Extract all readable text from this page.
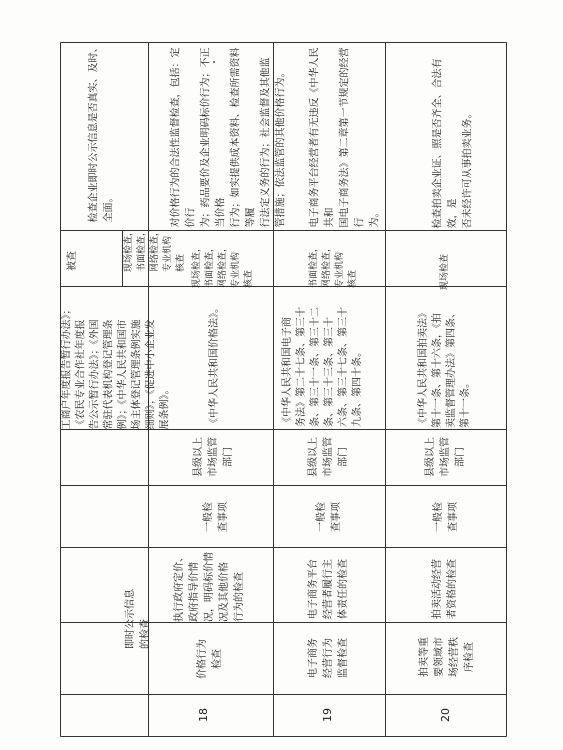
即时公示信息
的检查
工商户年度报告暂行办法》；
《农民专业合作社年度报
告公示暂行办法》；《外国
常驻代表机构登记管理条
例》；《中华人民共和国市
场主体登记管理条例实施
细则》；《促进中小企业发
展条例》。
被查	现场检查，
书面检查，
网络检查，
专业机构
核查
检查企业即时公示信息是否真实、及时、全面。
18
价格行为
检查
执行政府定价、
政府指导价情
况，明码标价情
况及其他价格
行为的检查
一般检
查事项
县级以上
市场监管
部门
《中华人民共和国价格法》。
现场检查，
书面检查，
网络检查，
专业机构
核查
对价格行为的合法性监督检查，包括：定价行
为；药品要价及企业明码标价行为；不正当价格
行为；如实提供成本资料、检查所需资料等履
行法定义务的行为；社会监督及其他监
管措施；依法监管的其他价格行为。
19
电子商务
经营行为
监督检查
电子商务平台
经营者履行主
体责任的检查
一般检
查事项
县级以上
市场监管
部门
《中华人民共和国电子商
务法》第二十七条、第三十
条、第三十一条、第三十二
条、第三十三条、第三十
六条、第三十七条、第三十
九条、第四十条。
书面检查，
网络检查，
专业机构
核查
电子商务平台经营者有无违反《中华人民共和
国电子商务法》第二章第一节规定的经营行
为。
20
拍卖等重
要领域市
场经营秩
序检查
拍卖活动经营
者资格的检查
一般检
查事项
县级以上
市场监管
部门
《中华人民共和国拍卖法》
第十一条、第十六条，《拍
卖监督管理办法》第四条、
第十一条。
现场检查
检查拍卖企业证、照是否齐全、合法有效，是
否未经许可从事拍卖业务。
